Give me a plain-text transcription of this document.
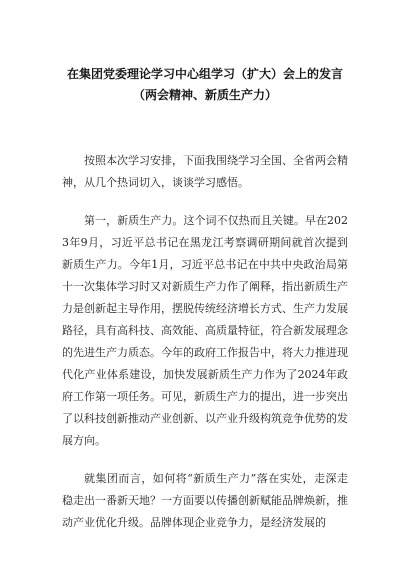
在集团党委理论学习中心组学习（扩大）会上的发言（两会精神、新质生产力）

按照本次学习安排，下面我围绕学习全国、全省两会精神，从几个热词切入，谈谈学习感悟。

第一，新质生产力。这个词不仅热而且关键。早在2023年9月，习近平总书记在黑龙江考察调研期间就首次提到新质生产力。今年1月，习近平总书记在中共中央政治局第十一次集体学习时又对新质生产力作了阐释，指出新质生产力是创新起主导作用，摆脱传统经济增长方式、生产力发展路径，具有高科技、高效能、高质量特征，符合新发展理念的先进生产力质态。今年的政府工作报告中，将大力推进现代化产业体系建设，加快发展新质生产力作为了2024年政府工作第一项任务。可见，新质生产力的提出，进一步突出了以科技创新推动产业创新、以产业升级构筑竞争优势的发展方向。

就集团而言，如何将“新质生产力”落在实处，走深走稳走出一番新天地？一方面要以传播创新赋能品牌焕新，推动产业优化升级。品牌体现企业竞争力，是经济发展的
